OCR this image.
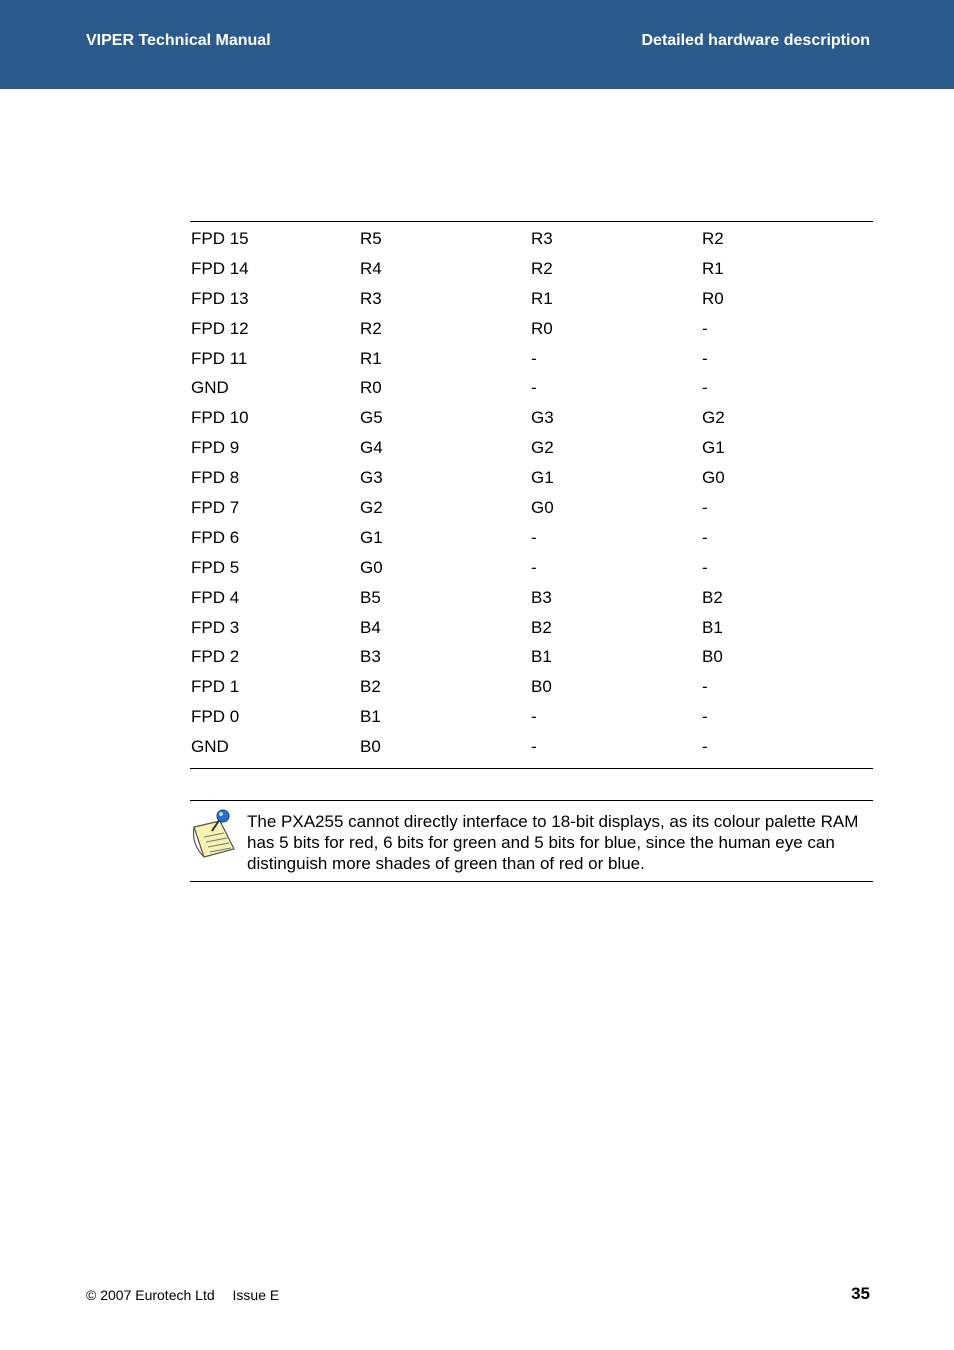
VIPER Technical Manual	Detailed hardware description
FPD 15	R5	R3	R2
FPD 14	R4	R2	R1
FPD 13	R3	R1	R0
FPD 12	R2	R0	-
FPD 11	R1	-	-
GND	R0	-	-
FPD 10	G5	G3	G2
FPD 9	G4	G2	G1
FPD 8	G3	G1	G0
FPD 7	G2	G0	-
FPD 6	G1	-	-
FPD 5	G0	-	-
FPD 4	B5	B3	B2
FPD 3	B4	B2	B1
FPD 2	B3	B1	B0
FPD 1	B2	B0	-
FPD 0	B1	-	-
GND	B0	-	-
The PXA255 cannot directly interface to 18-bit displays, as its colour palette RAM has 5 bits for red, 6 bits for green and 5 bits for blue, since the human eye can distinguish more shades of green than of red or blue.
© 2007 Eurotech Ltd Issue E	35
